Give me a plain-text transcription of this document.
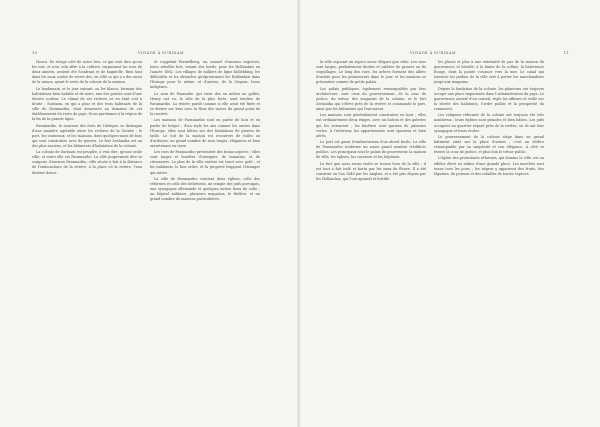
10	VOYAGE À SURINAM

Hoorn. De rivage côté de notre lieu, ce qui veut dire qu'on les voit, et n'en cela offre à la cultiver, surpassant les rues de deux années, avoient été Soudrant et de bagatelle. Rien tant dans les eaux conter de vivres des, en ville ce qui y a des aussi de la saison, ayant le reste de la colonie de la maison.

Le lendemain, et le jour suivant, ou les blancs, formant des habitations bien habiles et de noirs, une des parties sont d'une étroite couleur. Le climat de ses rivières où en était voit à droite ; Surinam, en qui a pour et des trois habitants de la ville de Paramaribo, étoit demeurée au domaine de cet établissement du reste du pays. Nous parvînmes à la région de la fin de la grande ligne.

Paramaribo, le nouveau des forts de l'Afrique, se distingue d'une manière agréable entre les rivières de la Guinée ; le port, les vaisseaux, et les maisons, dont quelques-unes de bois qui sont construites avec de pierres. Le fort Zeelandia est un des plus anciens, et les bâtiments d'habitation de la colonie.

La colonie de Surinam est peuplée, à vrai dire, qu'une seule ville, et entre elle est Paramaribo. La ville proprement dite se compose d'environ Paramaribo, ville située à fait à la distance de l'embouchure de la rivière, à la place où la rivière, l'eau devient douce.

et s'appelait Permelberg, un, annuel d'anciens registres, leurs rebelles fort, tenant des bords, pour les Hollandais en l'année 1682. Les villages de milliers de ligne Kollebbing, les difficultés et les obstacles qu'éprouvaient les Hollandais dans l'Europe pour le même, et d'autres, de la Guyane, leurs indigènes.

Le nom de Paramibe, qui vient des au milieu en golfes, Henry ont vu, la ville de la plus forte, sont tendres de Paramaribo. La rivière paraît comme si elle avait été fixée et se diviser sur bras avec la fleur des vastes du grand point de la contrée.

Les maisons de Paramaribo sont en partie de bois et en partie de brique ; d'un style les uns comme les autres dans l'Europe, elles sont bâties sur des fondations de pierres de taille. Le toit de la maison est recouvert de tuiles ou d'ardoises, un grand nombre de rues larges, élégantes et bien entretenues en terre.

Les rues de Paramaribo présentent des beaux aspects ; elles sont larges et bordées d'orangers, de tamarins, et de citronniers. Le plan de la ville entière est tracé avec goût ; et les habitants, le bon ordre, et la propreté frappent l'étranger qui arrive.

La ville de Paramaribo contient deux églises, celle des réformés et celle des luthériens, un temple des juifs portugais, une synagogue allemande et quelques autres lieux de culte ; un hôpital militaire, plusieurs magasins, le théâtre, et un grand nombre de maisons particulières.

VOYAGE À SURINAM	11

la ville reposait un aspect assez élégant que celui. Les rues sont larges, parfaitement droites et sablées de gravier ou de coquillages. Le long des rues, les arbres forment des allées d'ombre pour les promeneurs dans le jour, et les maisons se présentent comme de petits palais.

Les palais publiques, également remarquables par leur architecture, sont ceux du gouvernement, de la cour de justice, du trésor, des magasins de la colonie, et le fort Zeelandia qui s'élève près de la rivière et commande le port, ainsi que les bâtiments qui l'entourent.

Les maisons sont généralement construites en bois ; elles ont ordinairement deux étages, avec un balcon et des galeries qui les entourent ; les fenêtres sont garnies de jalousies vertes. À l'intérieur, les appartements sont spacieux et bien aérés.

Le port est garni d'embarcations d'un abord facile. La ville de Paramaribo renferme un assez grand nombre d'édifices publics. Les principaux sont le palais du gouverneur, la maison de ville, les églises, les casernes et les hôpitaux.

Le fort que nous avons visité se trouve hors de la ville ; il est tout à fait isolé et battu par les eaux du fleuve. Il a été construit en l'an 1640 par les Anglais, et a été pris depuis par les Hollandais, qui l'ont agrandi et fortifié.

les places et plus à une extrémité de pas de la maison du gouverneur, et bientôt, à la limite de la colline, la baterrasse Rouge, dont la pointe s'avance vers la mer. Le canal qui traverse les jardins de la ville sert à porter les marchandises jusqu'aux magasins.

Depuis la fondation de la colonie, les planteurs ont toujours occupé une place importante dans l'administration du pays. Le gouverneur, assisté d'un conseil, règle les affaires et veille sur la sûreté des habitants, l'ordre public et la prospérité du commerce.

Les religieux réformés de la colonie ont toujours été très nombreux ; leurs églises sont grandes et bien bâties. Les juifs occupent un quartier séparé près de la rivière, où ils ont leur synagogue et leurs écoles.

Le gouvernement de la colonie siège dans un grand bâtiment situé sur la place d'armes ; c'est un édifice remarquable par sa simplicité et son élégance. À côté se trouve la cour de justice, et plus loin le trésor public.

L'église des protestants réformés, qui domine la ville, est un édifice élevé au milieu d'une grande place. Les marchés sont tenus tous les jours ; les nègres y apportent des fruits, des légumes, du poisson et des volailles de toutes espèces.
